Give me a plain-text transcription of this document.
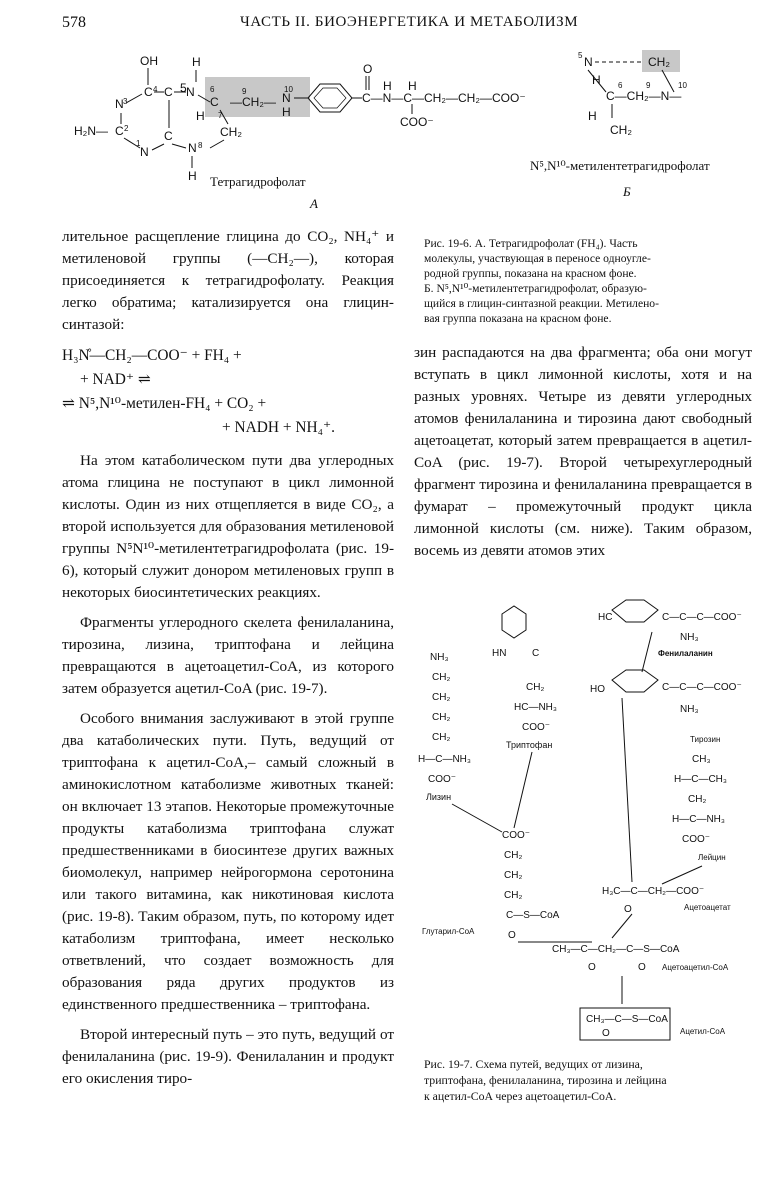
578	ЧАСТЬ II. БИОЭНЕРГЕТИКА И МЕТАБОЛИЗМ
OH
C 4
N 3
C 2
H₂N—
N
1
C
C 5 N
H
C
6
H 7
—CH₂—
9	N
10
H
CH₂
N 8
H
C—N—C—CH₂—CH₂—COO⁻
O
H H
COO⁻
Тетрагидрофолат
А
5 N	CH₂
6	9	10
H
C—CH₂—N—
H
CH₂
N⁵,N¹⁰-метилентетрагидрофолат
Б
Рис. 19-6. А. Тетрагидрофолат (FH₄). Часть
молекулы, участвующая в переносе одноугле-
родной группы, показана на красном фоне.
Б. N⁵,N¹⁰-метилентетрагидрофолат, образую-
щийся в глицин-синтазной реакции. Метилено-
вая группа показана на красном фоне.

лительное расщепление глицина до CO₂, NH₄⁺ и метиленовой группы (—CH₂—), которая присоединяется к тетрагидрофолату. Реакция легко обратима; катализируется она глицин-синтазой:

H₃N̊—CH₂—COO⁻ + FH₄ +
+ NAD⁺ ⇌
⇌ N⁵,N¹⁰-метилен-FH₄ + CO₂ +
+ NADH + NH₄⁺.

На этом катаболическом пути два углеродных атома глицина не поступают в цикл лимонной кислоты. Один из них отщепляется в виде CO₂, а второй используется для образования метиленовой группы N⁵N¹⁰-метилентетрагидрофолата (рис. 19-6), который служит донором метиленовых групп в некоторых биосинтетических реакциях.

Фрагменты углеродного скелета фенилаланина, тирозина, лизина, триптофана и лейцина превращаются в ацетоацетил-CoA, из которого затем образуется ацетил-CoA (рис. 19-7).

Особого внимания заслуживают в этой группе два катаболических пути. Путь, ведущий от триптофана к ацетил-CoA,– самый сложный в аминокислотном катаболизме животных тканей: он включает 13 этапов. Некоторые промежуточные продукты катаболизма триптофана служат предшественниками в биосинтезе других важных биомолекул, например нейрогормона серотонина или такого витамина, как никотиновая кислота (рис. 19-8). Таким образом, путь, по которому идет катаболизм триптофана, имеет несколько ответвлений, что создает возможность для образования ряда других продуктов из единственного предшественника – триптофана.

Второй интересный путь – это путь, ведущий от фенилаланина (рис. 19-9). Фенилаланин и продукт его окисления тиро-

зин распадаются на два фрагмента; оба они могут вступать в цикл лимонной кислоты, хотя и на разных уровнях. Четыре из девяти углеродных атомов фенилаланина и тирозина дают свободный ацетоацетат, который затем превращается в ацетил-CoA (рис. 19-7). Второй четырехуглеродный фрагмент тирозина и фенилаланина превращается в фумарат – промежуточный продукт цикла лимонной кислоты (см. ниже). Таким образом, восемь из девяти атомов этих

NH₃
CH₂
CH₂
CH₂
CH₂
H—C—NH₃
COO⁻
Лизин
HN	C
CH₂
HC—NH₃
COO⁻
Триптофан
HC	C—C—C—COO⁻
NH₃
Фенилаланин
HO	C—C—C—COO⁻
NH₃
Тирозин
CH₃
H—C—CH₃
CH₂
H—C—NH₃
COO⁻
Лейцин
COO⁻
CH₂
CH₂
CH₂
C—S—CoA
O
Глутарил-CoA
H₃C—C—CH₂—COO⁻
O	Ацетоацетат
CH₃—C—CH₂—C—S—CoA
O	O Ацетоацетил-CoA
CH₃—C—S—CoA
O	Ацетил-CoA
Рис. 19-7. Схема путей, ведущих от лизина,
триптофана, фенилаланина, тирозина и лейцина
к ацетил-CoA через ацетоацетил-CoA.
